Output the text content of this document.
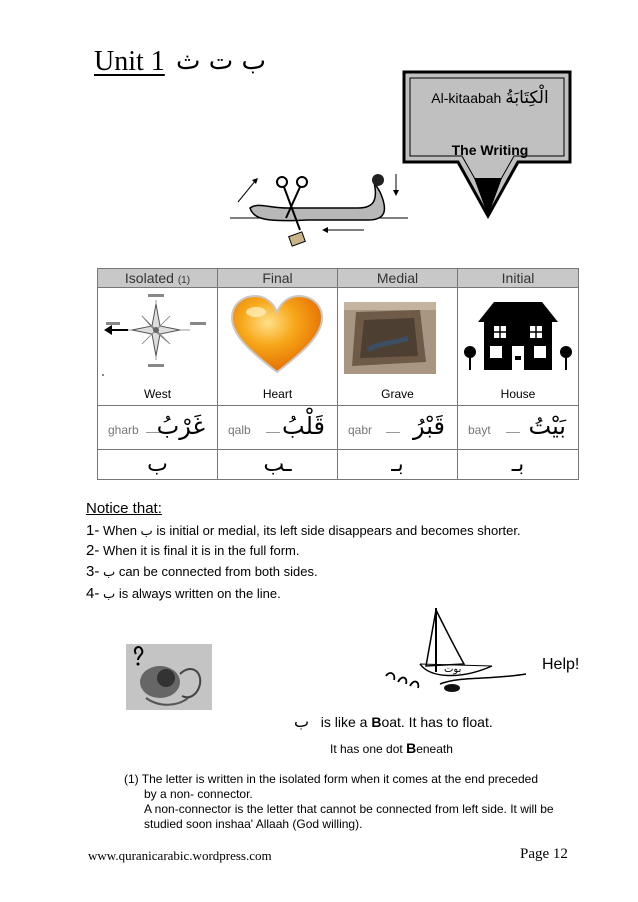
Unit 1 ب ت ث
Al-kitaabah الْكِتَابَةُ
The Writing
Isolated (1)	Final	Medial	Initial

West	Heart	Grave	House

gharb غَرْبُ	qalb قَلْبُ	qabr قَبْرُ	bayt بَيْتُ

ب	ـب	بـ	بـ
Notice that:
1- When ب is initial or medial, its left side disappears and becomes shorter.
2- When it is final it is in the full form.
3- ب can be connected from both sides.
4- ب is always written on the line.
بوت	Help!
ب is like a Boat. It has to float.
It has one dot Beneath
(1) The letter is written in the isolated form when it comes at the end preceded
by a non- connector.
A non-connector is the letter that cannot be connected from left side. It will be
studied soon inshaa' Allaah (God willing).
www.quranicarabic.wordpress.com	Page 12
